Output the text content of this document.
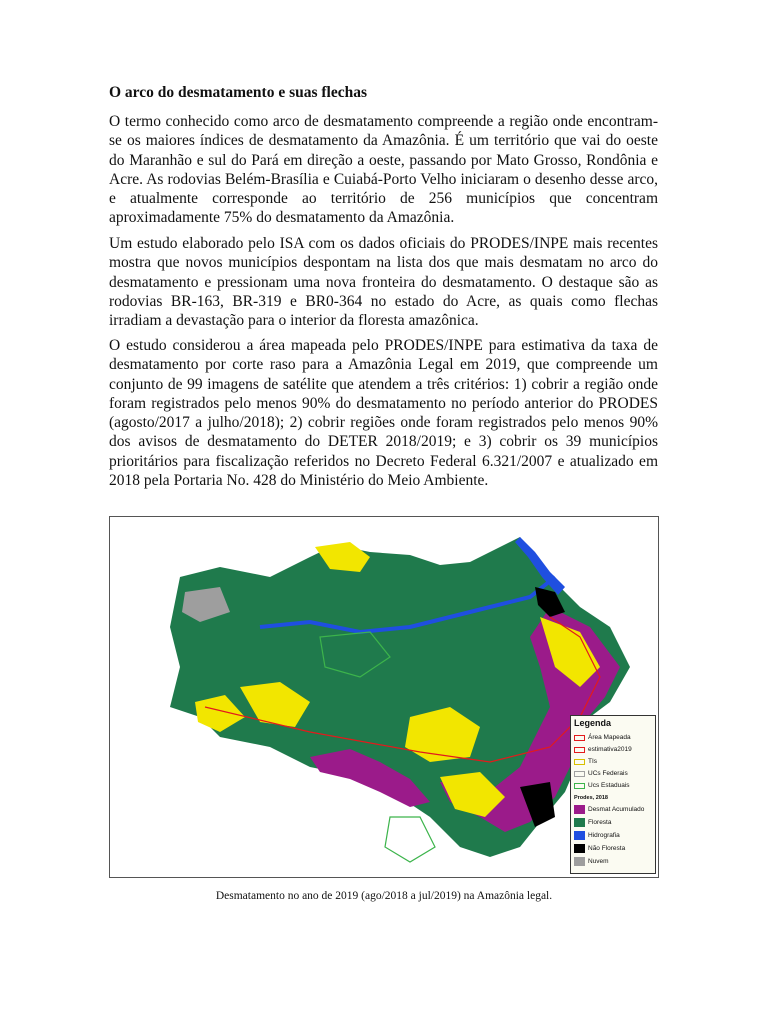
O arco do desmatamento e suas flechas

O termo conhecido como arco de desmatamento compreende a região onde encontram-se os maiores índices de desmatamento da Amazônia. É um território que vai do oeste do Maranhão e sul do Pará em direção a oeste, passando por Mato Grosso, Rondônia e Acre. As rodovias Belém-Brasília e Cuiabá-Porto Velho iniciaram o desenho desse arco, e atualmente corresponde ao território de 256 municípios que concentram aproximadamente 75% do desmatamento da Amazônia.

Um estudo elaborado pelo ISA com os dados oficiais do PRODES/INPE mais recentes mostra que novos municípios despontam na lista dos que mais desmatam no arco do desmatamento e pressionam uma nova fronteira do desmatamento. O destaque são as rodovias BR-163, BR-319 e BR0-364 no estado do Acre, as quais como flechas irradiam a devastação para o interior da floresta amazônica.

O estudo considerou a área mapeada pelo PRODES/INPE para estimativa da taxa de desmatamento por corte raso para a Amazônia Legal em 2019, que compreende um conjunto de 99 imagens de satélite que atendem a três critérios: 1) cobrir a região onde foram registrados pelo menos 90% do desmatamento no período anterior do PRODES (agosto/2017 a julho/2018); 2) cobrir regiões onde foram registrados pelo menos 90% dos avisos de desmatamento do DETER 2018/2019; e 3) cobrir os 39 municípios prioritários para fiscalização referidos no Decreto Federal 6.321/2007 e atualizado em 2018 pela Portaria No. 428 do Ministério do Meio Ambiente.

Legenda
Área Mapeada
estimativa2019
TIs
UCs Federais
Ucs Estaduais
Prodes, 2018
Desmat Acumulado
Floresta
Hidrografia
Não Floresta
Nuvem
Desmatamento no ano de 2019 (ago/2018 a jul/2019) na Amazônia legal.
